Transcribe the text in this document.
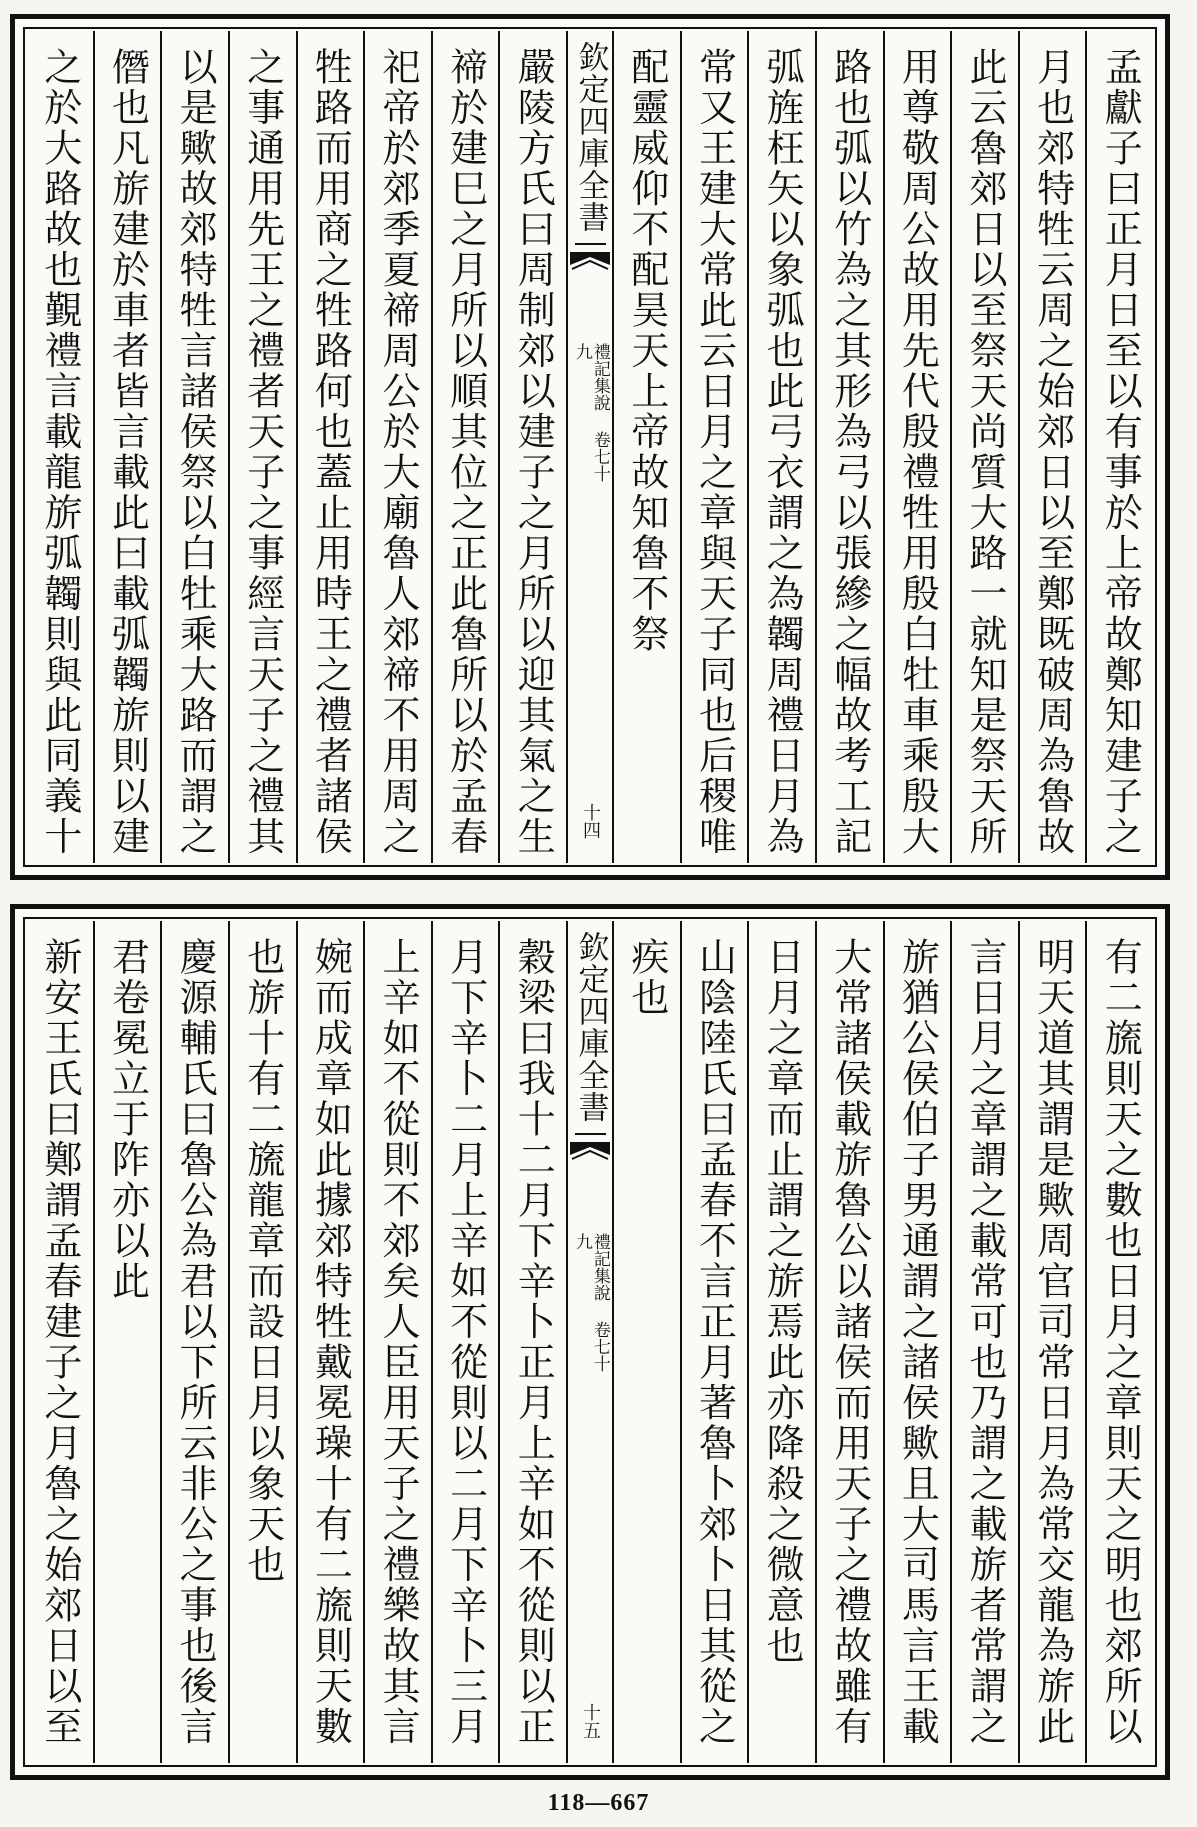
孟獻子曰正月日至以有事於上帝故鄭知建子之
月也郊特牲云周之始郊日以至鄭既破周為魯故
此云魯郊日以至祭天尚質大路一就知是祭天所
用尊敬周公故用先代殷禮牲用殷白牡車乘殷大
路也弧以竹為之其形為弓以張縿之幅故考工記
弧旌枉矢以象弧也此弓衣謂之為韣周禮日月為
常又王建大常此云日月之章與天子同也后稷唯
配靈威仰不配昊天上帝故知魯不祭
欽定四庫全書
禮記集說 卷七十九
十四
嚴陵方氏曰周制郊以建子之月所以迎其氣之生
禘於建巳之月所以順其位之正此魯所以於孟春
祀帝於郊季夏禘周公於大廟魯人郊禘不用周之
牲路而用商之牲路何也蓋止用時王之禮者諸侯
之事通用先王之禮者天子之事經言天子之禮其
以是歟故郊特牲言諸侯祭以白牡乘大路而謂之
僭也凡旂建於車者皆言載此曰載弧韣旂則以建
之於大路故也覲禮言載龍旂弧韣則與此同義十
有二旒則天之數也日月之章則天之明也郊所以
明天道其謂是歟周官司常日月為常交龍為旂此
言日月之章謂之載常可也乃謂之載旂者常謂之
旂猶公侯伯子男通謂之諸侯歟且大司馬言王載
大常諸侯載旂魯公以諸侯而用天子之禮故雖有
日月之章而止謂之旂焉此亦降殺之微意也
山陰陸氏曰孟春不言正月著魯卜郊卜日其從之
疾也
欽定四庫全書
禮記集說 卷七十九
十五
穀梁曰我十二月下辛卜正月上辛如不從則以正
月下辛卜二月上辛如不從則以二月下辛卜三月
上辛如不從則不郊矣人臣用天子之禮樂故其言
婉而成章如此據郊特牲戴冕璪十有二旒則天數
也旂十有二旒龍章而設日月以象天也
慶源輔氏曰魯公為君以下所云非公之事也後言
君卷冕立于阼亦以此
新安王氏曰鄭謂孟春建子之月魯之始郊日以至
118—667
